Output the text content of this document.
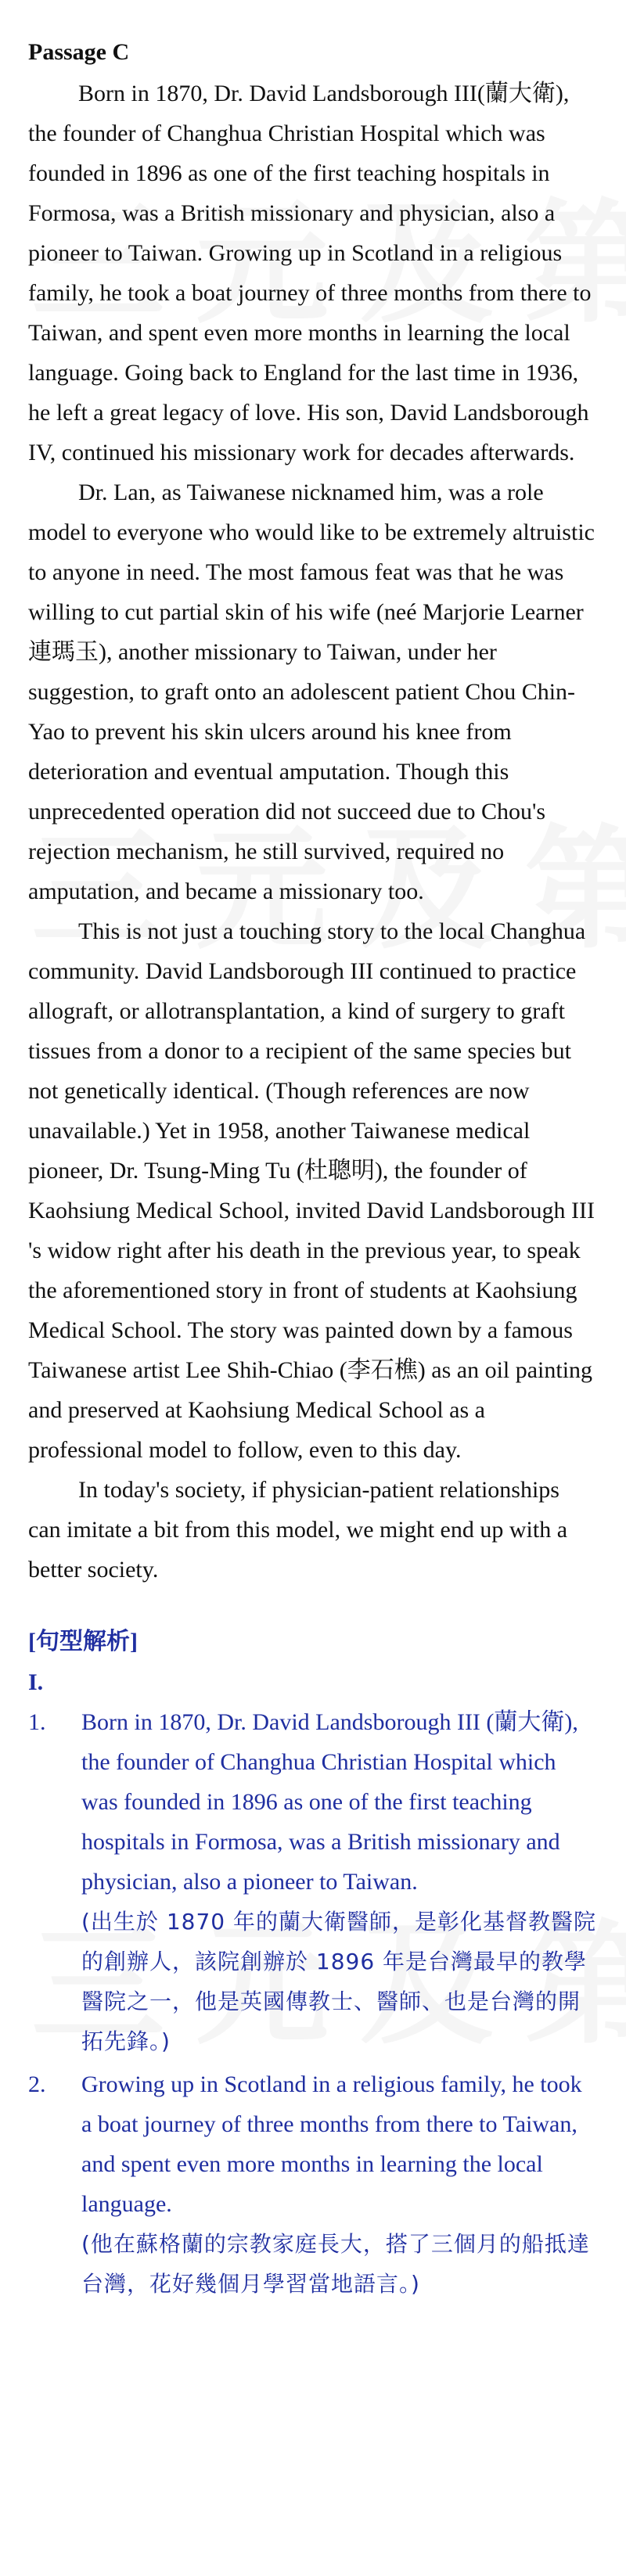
Passage C

Born in 1870, Dr. David Landsborough III(蘭大衛), the founder of Changhua Christian Hospital which was founded in 1896 as one of the first teaching hospitals in Formosa, was a British missionary and physician, also a pioneer to Taiwan. Growing up in Scotland in a religious family, he took a boat journey of three months from there to Taiwan, and spent even more months in learning the local language. Going back to England for the last time in 1936, he left a great legacy of love. His son, David Landsborough IV, continued his missionary work for decades afterwards.

Dr. Lan, as Taiwanese nicknamed him, was a role model to everyone who would like to be extremely altruistic to anyone in need. The most famous feat was that he was willing to cut partial skin of his wife (neé Marjorie Learner 連瑪玉), another missionary to Taiwan, under her suggestion, to graft onto an adolescent patient Chou Chin-Yao to prevent his skin ulcers around his knee from deterioration and eventual amputation. Though this unprecedented operation did not succeed due to Chou's rejection mechanism, he still survived, required no amputation, and became a missionary too.

This is not just a touching story to the local Changhua community. David Landsborough III continued to practice allograft, or allotransplantation, a kind of surgery to graft tissues from a donor to a recipient of the same species but not genetically identical. (Though references are now unavailable.) Yet in 1958, another Taiwanese medical pioneer, Dr. Tsung-Ming Tu (杜聰明), the founder of Kaohsiung Medical School, invited David Landsborough III 's widow right after his death in the previous year, to speak the aforementioned story in front of students at Kaohsiung Medical School. The story was painted down by a famous Taiwanese artist Lee Shih-Chiao (李石樵) as an oil painting and preserved at Kaohsiung Medical School as a professional model to follow, even to this day.

In today's society, if physician-patient relationships can imitate a bit from this model, we might end up with a better society.

[句型解析]

I.

1. Born in 1870, Dr. David Landsborough III (蘭大衛), the founder of Changhua Christian Hospital which was founded in 1896 as one of the first teaching hospitals in Formosa, was a British missionary and physician, also a pioneer to Taiwan.

(出生於 1870 年的蘭大衛醫師，是彰化基督教醫院的創辦人，該院創辦於 1896 年是台灣最早的教學醫院之一，他是英國傳教士、醫師、也是台灣的開拓先鋒。)

2. Growing up in Scotland in a religious family, he took a boat journey of three months from there to Taiwan, and spent even more months in learning the local language.

(他在蘇格蘭的宗教家庭長大，搭了三個月的船抵達台灣，花好幾個月學習當地語言。)
